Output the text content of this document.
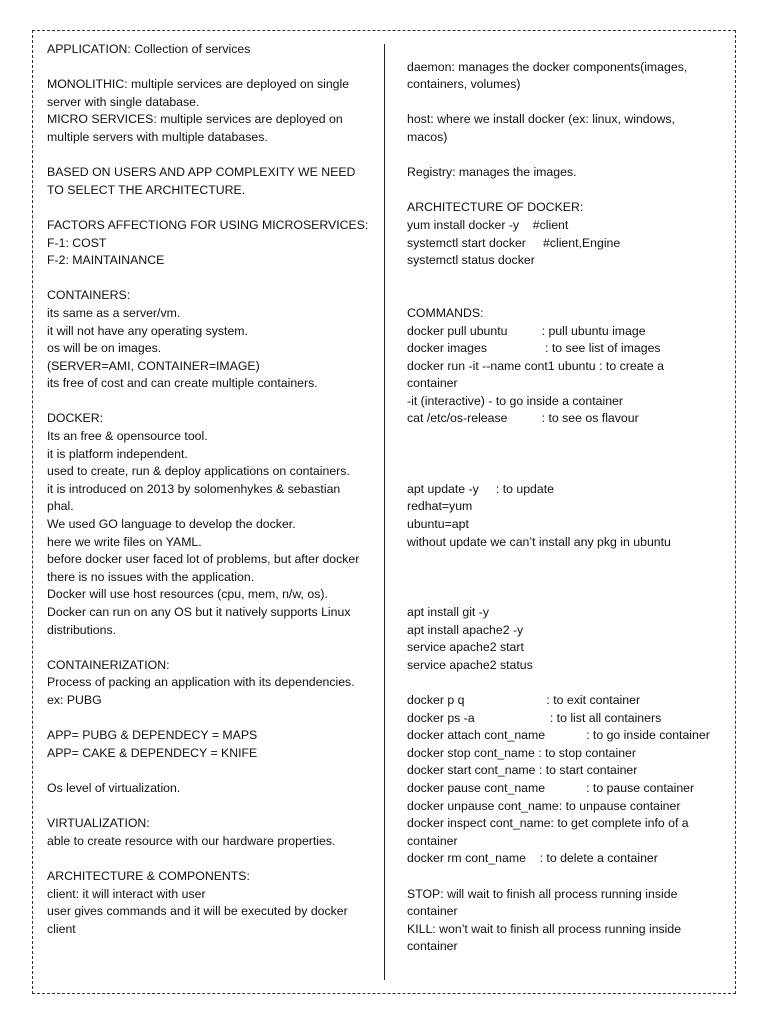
APPLICATION: Collection of services
MONOLITHIC: multiple services are deployed on single server with single database.
MICRO SERVICES: multiple services are deployed on multiple servers with multiple databases.
BASED ON USERS AND APP COMPLEXITY WE NEED TO SELECT THE ARCHITECTURE.
FACTORS AFFECTIONG FOR USING MICROSERVICES:
F-1: COST
F-2: MAINTAINANCE
CONTAINERS:
its same as a server/vm.
it will not have any operating system.
os will be on images.
(SERVER=AMI, CONTAINER=IMAGE)
its free of cost and can create multiple containers.
DOCKER:
Its an free & opensource tool.
it is platform independent.
used to create, run & deploy applications on containers.
it is introduced on 2013 by solomenhykes & sebastian phal.
We used GO language to develop the docker.
here we write files on YAML.
before docker user faced lot of problems, but after docker there is no issues with the application.
Docker will use host resources (cpu, mem, n/w, os).
Docker can run on any OS but it natively supports Linux distributions.
CONTAINERIZATION:
Process of packing an application with its dependencies.
ex: PUBG
APP= PUBG & DEPENDECY = MAPS
APP= CAKE & DEPENDECY = KNIFE
Os level of virtualization.
VIRTUALIZATION:
able to create resource with our hardware properties.
ARCHITECTURE & COMPONENTS:
client: it will interact with user
user gives commands and it will be executed by docker client
daemon: manages the docker components(images, containers, volumes)
host: where we install docker (ex: linux, windows, macos)
Registry: manages the images.
ARCHITECTURE OF DOCKER:
yum install docker -y    #client
systemctl start docker     #client,Engine
systemctl status docker
COMMANDS:
docker pull ubuntu          : pull ubuntu image
docker images                 : to see list of images
docker run -it --name cont1 ubuntu : to create a container
-it (interactive) - to go inside a container
cat /etc/os-release          : to see os flavour
apt update -y     : to update
redhat=yum
ubuntu=apt
without update we can’t install any pkg in ubuntu
apt install git -y
apt install apache2 -y
service apache2 start
service apache2 status
docker p q                        : to exit container
docker ps -a                      : to list all containers
docker attach cont_name            : to go inside container
docker stop cont_name : to stop container
docker start cont_name : to start container
docker pause cont_name            : to pause container
docker unpause cont_name: to unpause container
docker inspect cont_name: to get complete info of a container
docker rm cont_name    : to delete a container
STOP: will wait to finish all process running inside container
KILL: won’t wait to finish all process running inside container
